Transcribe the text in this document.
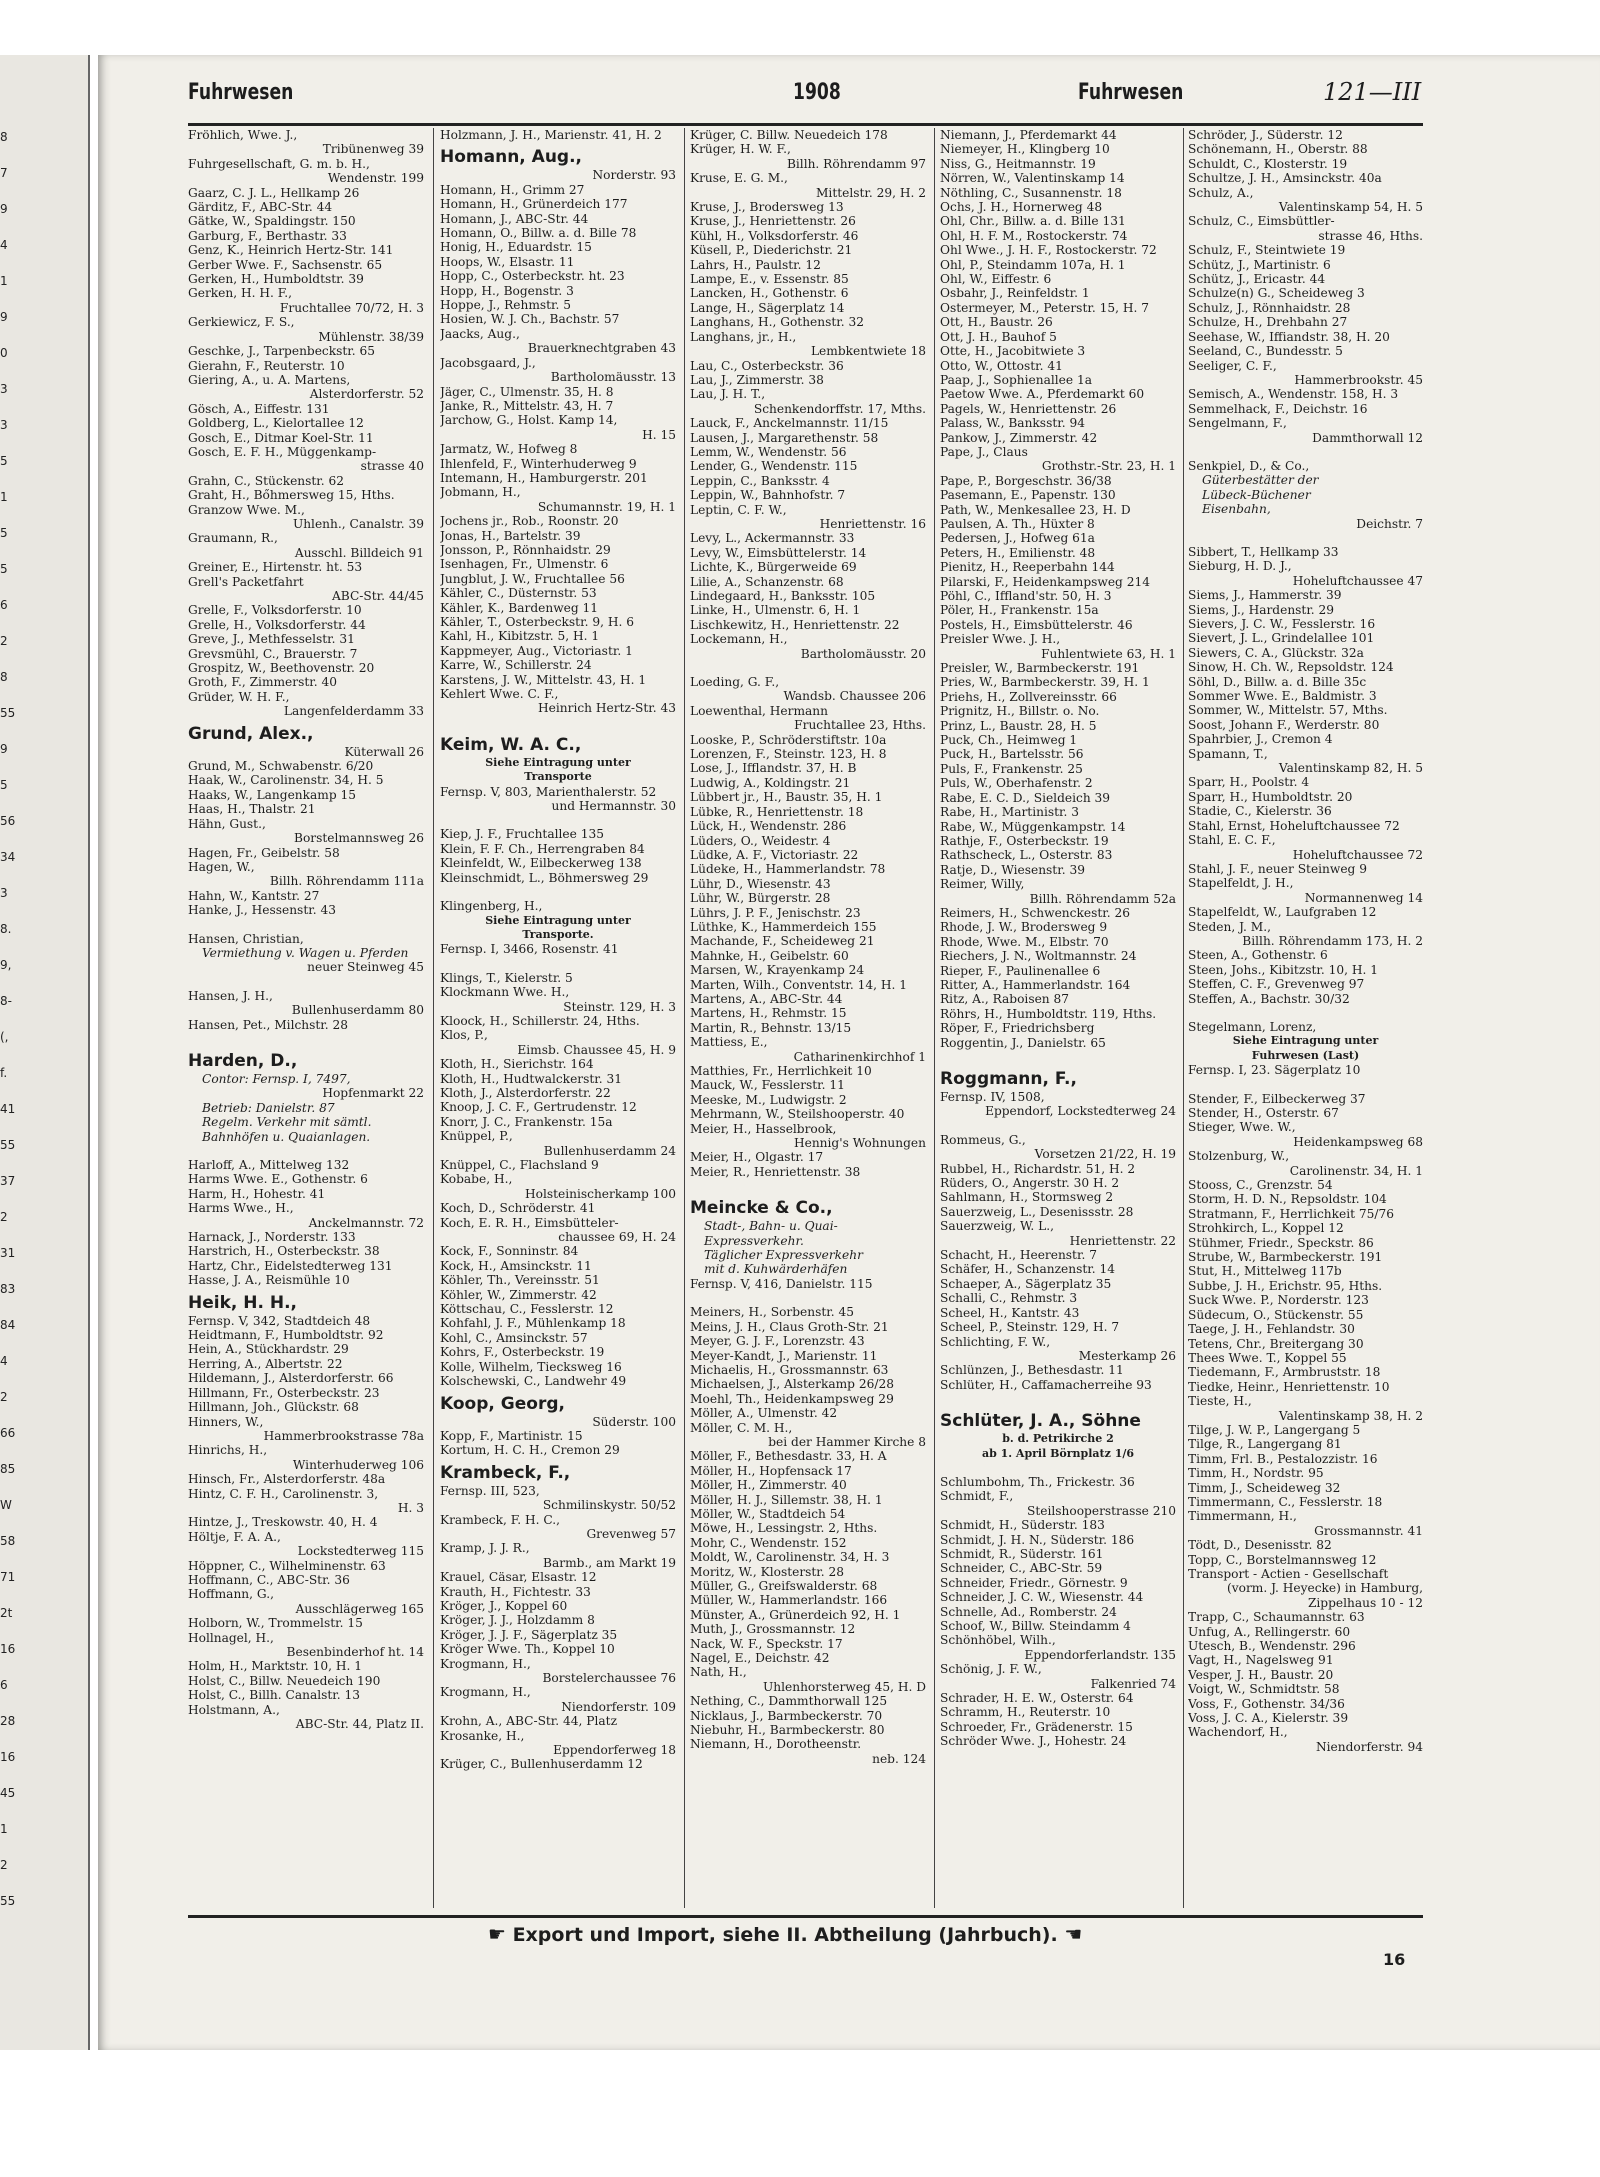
8
7
9
4
1
9
0
3
3
5
1
5
5
6
2
8
55
9
5
56
34
3
8.
9,
8-
(,
f.
41
55
37
2
31
83
84
4
2
66
85
W
58
71
2t
16
6
28
16
45
1
2
55
Fuhrwesen	1908	Fuhrwesen	121—III
Fröhlich, Wwe. J.,
Tribünenweg 39
Fuhrgesellschaft, G. m. b. H.,
Wendenstr. 199
Gaarz, C. J. L., Hellkamp 26
Gärditz, F., ABC-Str. 44
Gätke, W., Spaldingstr. 150
Garburg, F., Berthastr. 33
Genz, K., Heinrich Hertz-Str. 141
Gerber Wwe. F., Sachsenstr. 65
Gerken, H., Humboldtstr. 39
Gerken, H. H. F.,
Fruchtallee 70/72, H. 3
Gerkiewicz, F. S.,
Mühlenstr. 38/39
Geschke, J., Tarpenbeckstr. 65
Gierahn, F., Reuterstr. 10
Giering, A., u. A. Martens,
Alsterdorferstr. 52
Gösch, A., Eiffestr. 131
Goldberg, L., Kielortallee 12
Gosch, E., Ditmar Koel-Str. 11
Gosch, E. F. H., Müggenkamp-
strasse 40
Grahn, C., Stückenstr. 62
Graht, H., Bőhmersweg 15, Hths.
Granzow Wwe. M.,
Uhlenh., Canalstr. 39
Graumann, R.,
Ausschl. Billdeich 91
Greiner, E., Hirtenstr. ht. 53
Grell's Packetfahrt
ABC-Str. 44/45
Grelle, F., Volksdorferstr. 10
Grelle, H., Volksdorferstr. 44
Greve, J., Methfesselstr. 31
Grevsmühl, C., Brauerstr. 7
Grospitz, W., Beethovenstr. 20
Groth, F., Zimmerstr. 40
Grüder, W. H. F.,
Langenfelderdamm 33
Grund, Alex.,
Küterwall 26
Grund, M., Schwabenstr. 6/20
Haak, W., Carolinenstr. 34, H. 5
Haaks, W., Langenkamp 15
Haas, H., Thalstr. 21
Hähn, Gust.,
Borstelmannsweg 26
Hagen, Fr., Geibelstr. 58
Hagen, W.,
Billh. Röhrendamm 111a
Hahn, W., Kantstr. 27
Hanke, J., Hessenstr. 43
Hansen, Christian,
Vermiethung v. Wagen u. Pferden
neuer Steinweg 45
Hansen, J. H.,
Bullenhuserdamm 80
Hansen, Pet., Milchstr. 28
Harden, D.,
Contor: Fernsp. I, 7497,
Hopfenmarkt 22
Betrieb: Danielstr. 87
Regelm. Verkehr mit sämtl.
Bahnhöfen u. Quaianlagen.
Harloff, A., Mittelweg 132
Harms Wwe. E., Gothenstr. 6
Harm, H., Hohestr. 41
Harms Wwe., H.,
Anckelmannstr. 72
Harnack, J., Norderstr. 133
Harstrich, H., Osterbeckstr. 38
Hartz, Chr., Eidelstedterweg 131
Hasse, J. A., Reismühle 10
Heik, H. H.,
Fernsp. V, 342, Stadtdeich 48
Heidtmann, F., Humboldtstr. 92
Hein, A., Stückhardstr. 29
Herring, A., Albertstr. 22
Hildemann, J., Alsterdorferstr. 66
Hillmann, Fr., Osterbeckstr. 23
Hillmann, Joh., Glückstr. 68
Hinners, W.,
Hammerbrookstrasse 78a
Hinrichs, H.,
Winterhuderweg 106
Hinsch, Fr., Alsterdorferstr. 48a
Hintz, C. F. H., Carolinenstr. 3,
H. 3
Hintze, J., Treskowstr. 40, H. 4
Höltje, F. A. A.,
Lockstedterweg 115
Höppner, C., Wilhelminenstr. 63
Hoffmann, C., ABC-Str. 36
Hoffmann, G.,
Ausschlägerweg 165
Holborn, W., Trommelstr. 15
Hollnagel, H.,
Besenbinderhof ht. 14
Holm, H., Marktstr. 10, H. 1
Holst, C., Billw. Neuedeich 190
Holst, C., Billh. Canalstr. 13
Holstmann, A.,
ABC-Str. 44, Platz II.
Holzmann, J. H., Marienstr. 41, H. 2
Homann, Aug.,
Norderstr. 93
Homann, H., Grimm 27
Homann, H., Grünerdeich 177
Homann, J., ABC-Str. 44
Homann, O., Billw. a. d. Bille 78
Honig, H., Eduardstr. 15
Hoops, W., Elsastr. 11
Hopp, C., Osterbeckstr. ht. 23
Hopp, H., Bogenstr. 3
Hoppe, J., Rehmstr. 5
Hosien, W. J. Ch., Bachstr. 57
Jaacks, Aug.,
Brauerknechtgraben 43
Jacobsgaard, J.,
Bartholomäusstr. 13
Jäger, C., Ulmenstr. 35, H. 8
Janke, R., Mittelstr. 43, H. 7
Jarchow, G., Holst. Kamp 14,
H. 15
Jarmatz, W., Hofweg 8
Ihlenfeld, F., Winterhuderweg 9
Intemann, H., Hamburgerstr. 201
Jobmann, H.,
Schumannstr. 19, H. 1
Jochens jr., Rob., Roonstr. 20
Jonas, H., Bartelstr. 39
Jonsson, P., Rönnhaidstr. 29
Isenhagen, Fr., Ulmenstr. 6
Jungblut, J. W., Fruchtallee 56
Kähler, C., Düsternstr. 53
Kähler, K., Bardenweg 11
Kähler, T., Osterbeckstr. 9, H. 6
Kahl, H., Kibitzstr. 5, H. 1
Kappmeyer, Aug., Victoriastr. 1
Karre, W., Schillerstr. 24
Karstens, J. W., Mittelstr. 43, H. 1
Kehlert Wwe. C. F.,
Heinrich Hertz-Str. 43
Keim, W. A. C.,
Siehe Eintragung unter
Transporte
Fernsp. V, 803, Marienthalerstr. 52
und Hermannstr. 30
Kiep, J. F., Fruchtallee 135
Klein, F. F. Ch., Herrengraben 84
Kleinfeldt, W., Eilbeckerweg 138
Kleinschmidt, L., Böhmersweg 29
Klingenberg, H.,
Siehe Eintragung unter
Transporte.
Fernsp. I, 3466, Rosenstr. 41
Klings, T., Kielerstr. 5
Klockmann Wwe. H.,
Steinstr. 129, H. 3
Kloock, H., Schillerstr. 24, Hths.
Klos, P.,
Eimsb. Chaussee 45, H. 9
Kloth, H., Sierichstr. 164
Kloth, H., Hudtwalckerstr. 31
Kloth, J., Alsterdorferstr. 22
Knoop, J. C. F., Gertrudenstr. 12
Knorr, J. C., Frankenstr. 15a
Knüppel, P.,
Bullenhuserdamm 24
Knüppel, C., Flachsland 9
Kobabe, H.,
Holsteinischerkamp 100
Koch, D., Schröderstr. 41
Koch, E. R. H., Eimsbütteler-
chaussee 69, H. 24
Kock, F., Sonninstr. 84
Kock, H., Amsinckstr. 11
Köhler, Th., Vereinsstr. 51
Köhler, W., Zimmerstr. 42
Köttschau, C., Fesslerstr. 12
Kohfahl, J. F., Mühlenkamp 18
Kohl, C., Amsinckstr. 57
Kohrs, F., Osterbeckstr. 19
Kolle, Wilhelm, Tiecksweg 16
Kolschewski, C., Landwehr 49
Koop, Georg,
Süderstr. 100
Kopp, F., Martinistr. 15
Kortum, H. C. H., Cremon 29
Krambeck, F.,
Fernsp. III, 523,
Schmilinskystr. 50/52
Krambeck, F. H. C.,
Grevenweg 57
Kramp, J. J. R.,
Barmb., am Markt 19
Krauel, Cäsar, Elsastr. 12
Krauth, H., Fichtestr. 33
Kröger, J., Koppel 60
Kröger, J. J., Holzdamm 8
Kröger, J. J. F., Sägerplatz 35
Kröger Wwe. Th., Koppel 10
Krogmann, H.,
Borstelerchaussee 76
Krogmann, H.,
Niendorferstr. 109
Krohn, A., ABC-Str. 44, Platz
Krosanke, H.,
Eppendorferweg 18
Krüger, C., Bullenhuserdamm 12
Krüger, C. Billw. Neuedeich 178
Krüger, H. W. F.,
Billh. Röhrendamm 97
Kruse, E. G. M.,
Mittelstr. 29, H. 2
Kruse, J., Brodersweg 13
Kruse, J., Henriettenstr. 26
Kühl, H., Volksdorferstr. 46
Küsell, P., Diederichstr. 21
Lahrs, H., Paulstr. 12
Lampe, E., v. Essenstr. 85
Lancken, H., Gothenstr. 6
Lange, H., Sägerplatz 14
Langhans, H., Gothenstr. 32
Langhans, jr., H.,
Lembkentwiete 18
Lau, C., Osterbeckstr. 36
Lau, J., Zimmerstr. 38
Lau, J. H. T.,
Schenkendorffstr. 17, Mths.
Lauck, F., Anckelmannstr. 11/15
Lausen, J., Margarethenstr. 58
Lemm, W., Wendenstr. 56
Lender, G., Wendenstr. 115
Leppin, C., Banksstr. 4
Leppin, W., Bahnhofstr. 7
Leptin, C. F. W.,
Henriettenstr. 16
Levy, L., Ackermannstr. 33
Levy, W., Eimsbüttelerstr. 14
Lichte, K., Bürgerweide 69
Lilie, A., Schanzenstr. 68
Lindegaard, H., Banksstr. 105
Linke, H., Ulmenstr. 6, H. 1
Lischkewitz, H., Henriettenstr. 22
Lockemann, H.,
Bartholomäusstr. 20
Loeding, G. F.,
Wandsb. Chaussee 206
Loewenthal, Hermann
Fruchtallee 23, Hths.
Looske, P., Schröderstiftstr. 10a
Lorenzen, F., Steinstr. 123, H. 8
Lose, J., Ifflandstr. 37, H. B
Ludwig, A., Koldingstr. 21
Lübbert jr., H., Baustr. 35, H. 1
Lübke, R., Henriettenstr. 18
Lück, H., Wendenstr. 286
Lüders, O., Weidestr. 4
Lüdke, A. F., Victoriastr. 22
Lüdeke, H., Hammerlandstr. 78
Lühr, D., Wiesenstr. 43
Lühr, W., Bürgerstr. 28
Lührs, J. P. F., Jenischstr. 23
Lüthke, K., Hammerdeich 155
Machande, F., Scheideweg 21
Mahnke, H., Geibelstr. 60
Marsen, W., Krayenkamp 24
Marten, Wilh., Conventstr. 14, H. 1
Martens, A., ABC-Str. 44
Martens, H., Rehmstr. 15
Martin, R., Behnstr. 13/15
Mattiess, E.,
Catharinenkirchhof 1
Matthies, Fr., Herrlichkeit 10
Mauck, W., Fesslerstr. 11
Meeske, M., Ludwigstr. 2
Mehrmann, W., Steilshooperstr. 40
Meier, H., Hasselbrook,
Hennig's Wohnungen
Meier, H., Olgastr. 17
Meier, R., Henriettenstr. 38
Meincke & Co.,
Stadt-, Bahn- u. Quai-
Expressverkehr.
Täglicher Expressverkehr
mit d. Kuhwärderhäfen
Fernsp. V, 416, Danielstr. 115
Meiners, H., Sorbenstr. 45
Meins, J. H., Claus Groth-Str. 21
Meyer, G. J. F., Lorenzstr. 43
Meyer-Kandt, J., Marienstr. 11
Michaelis, H., Grossmannstr. 63
Michaelsen, J., Alsterkamp 26/28
Moehl, Th., Heidenkampsweg 29
Möller, A., Ulmenstr. 42
Möller, C. M. H.,
bei der Hammer Kirche 8
Möller, F., Bethesdastr. 33, H. A
Möller, H., Hopfensack 17
Möller, H., Zimmerstr. 40
Möller, H. J., Sillemstr. 38, H. 1
Möller, W., Stadtdeich 54
Möwe, H., Lessingstr. 2, Hths.
Mohr, C., Wendenstr. 152
Moldt, W., Carolinenstr. 34, H. 3
Moritz, W., Klosterstr. 28
Müller, G., Greifswalderstr. 68
Müller, W., Hammerlandstr. 166
Münster, A., Grünerdeich 92, H. 1
Muth, J., Grossmannstr. 12
Nack, W. F., Speckstr. 17
Nagel, E., Deichstr. 42
Nath, H.,
Uhlenhorsterweg 45, H. D
Nething, C., Dammthorwall 125
Nicklaus, J., Barmbeckerstr. 70
Niebuhr, H., Barmbeckerstr. 80
Niemann, H., Dorotheenstr.
neb. 124
Niemann, J., Pferdemarkt 44
Niemeyer, H., Klingberg 10
Niss, G., Heitmannstr. 19
Nörren, W., Valentinskamp 14
Nöthling, C., Susannenstr. 18
Ochs, J. H., Hornerweg 48
Ohl, Chr., Billw. a. d. Bille 131
Ohl, H. F. M., Rostockerstr. 74
Ohl Wwe., J. H. F., Rostockerstr. 72
Ohl, P., Steindamm 107a, H. 1
Ohl, W., Eiffestr. 6
Osbahr, J., Reinfeldstr. 1
Ostermeyer, M., Peterstr. 15, H. 7
Ott, H., Baustr. 26
Ott, J. H., Bauhof 5
Otte, H., Jacobitwiete 3
Otto, W., Ottostr. 41
Paap, J., Sophienallee 1a
Paetow Wwe. A., Pferdemarkt 60
Pagels, W., Henriettenstr. 26
Palass, W., Banksstr. 94
Pankow, J., Zimmerstr. 42
Pape, J., Claus
Grothstr.-Str. 23, H. 1
Pape, P., Borgeschstr. 36/38
Pasemann, E., Papenstr. 130
Path, W., Menkesallee 23, H. D
Paulsen, A. Th., Hüxter 8
Pedersen, J., Hofweg 61a
Peters, H., Emilienstr. 48
Pienitz, H., Reeperbahn 144
Pilarski, F., Heidenkampsweg 214
Pöhl, C., Iffland'str. 50, H. 3
Pöler, H., Frankenstr. 15a
Postels, H., Eimsbüttelerstr. 46
Preisler Wwe. J. H.,
Fuhlentwiete 63, H. 1
Preisler, W., Barmbeckerstr. 191
Pries, W., Barmbeckerstr. 39, H. 1
Priehs, H., Zollvereinsstr. 66
Prignitz, H., Billstr. o. No.
Prinz, L., Baustr. 28, H. 5
Puck, Ch., Heimweg 1
Puck, H., Bartelsstr. 56
Puls, F., Frankenstr. 25
Puls, W., Oberhafenstr. 2
Rabe, E. C. D., Sieldeich 39
Rabe, H., Martinistr. 3
Rabe, W., Müggenkampstr. 14
Rathje, F., Osterbeckstr. 19
Rathscheck, L., Osterstr. 83
Ratje, D., Wiesenstr. 39
Reimer, Willy,
Billh. Röhrendamm 52a
Reimers, H., Schwenckestr. 26
Rhode, J. W., Brodersweg 9
Rhode, Wwe. M., Elbstr. 70
Riechers, J. N., Woltmannstr. 24
Rieper, F., Paulinenallee 6
Ritter, A., Hammerlandstr. 164
Ritz, A., Raboisen 87
Röhrs, H., Humboldtstr. 119, Hths.
Röper, F., Friedrichsberg
Roggentin, J., Danielstr. 65
Roggmann, F.,
Fernsp. IV, 1508,
Eppendorf, Lockstedterweg 24
Rommeus, G.,
Vorsetzen 21/22, H. 19
Rubbel, H., Richardstr. 51, H. 2
Rüders, O., Angerstr. 30 H. 2
Sahlmann, H., Stormsweg 2
Sauerzweig, L., Desenissstr. 28
Sauerzweig, W. L.,
Henriettenstr. 22
Schacht, H., Heerenstr. 7
Schäfer, H., Schanzenstr. 14
Schaeper, A., Sägerplatz 35
Schalli, C., Rehmstr. 3
Scheel, H., Kantstr. 43
Scheel, P., Steinstr. 129, H. 7
Schlichting, F. W.,
Mesterkamp 26
Schlünzen, J., Bethesdastr. 11
Schlüter, H., Caffamacherreihe 93
Schlüter, J. A., Söhne
b. d. Petrikirche 2
ab 1. April Börnplatz 1/6
Schlumbohm, Th., Frickestr. 36
Schmidt, F.,
Steilshooperstrasse 210
Schmidt, H., Süderstr. 183
Schmidt, J. H. N., Süderstr. 186
Schmidt, R., Süderstr. 161
Schneider, C., ABC-Str. 59
Schneider, Friedr., Görnestr. 9
Schneider, J. C. W., Wiesenstr. 44
Schnelle, Ad., Romberstr. 24
Schoof, W., Billw. Steindamm 4
Schönhöbel, Wilh.,
Eppendorferlandstr. 135
Schönig, J. F. W.,
Falkenried 74
Schrader, H. E. W., Osterstr. 64
Schramm, H., Reuterstr. 10
Schroeder, Fr., Grädenerstr. 15
Schröder Wwe. J., Hohestr. 24
Schröder, J., Süderstr. 12
Schönemann, H., Oberstr. 88
Schuldt, C., Klosterstr. 19
Schultze, J. H., Amsinckstr. 40a
Schulz, A.,
Valentinskamp 54, H. 5
Schulz, C., Eimsbüttler-
strasse 46, Hths.
Schulz, F., Steintwiete 19
Schütz, J., Martinistr. 6
Schütz, J., Ericastr. 44
Schulze(n) G., Scheideweg 3
Schulz, J., Rönnhaidstr. 28
Schulze, H., Drehbahn 27
Seehase, W., Iffiandstr. 38, H. 20
Seeland, C., Bundesstr. 5
Seeliger, C. F.,
Hammerbrookstr. 45
Semisch, A., Wendenstr. 158, H. 3
Semmelhack, F., Deichstr. 16
Sengelmann, F.,
Dammthorwall 12
Senkpiel, D., & Co.,
Güterbestätter der
Lübeck-Büchener
Eisenbahn,
Deichstr. 7
Sibbert, T., Hellkamp 33
Sieburg, H. D. J.,
Hoheluftchaussee 47
Siems, J., Hammerstr. 39
Siems, J., Hardenstr. 29
Sievers, J. C. W., Fesslerstr. 16
Sievert, J. L., Grindelallee 101
Siewers, C. A., Glückstr. 32a
Sinow, H. Ch. W., Repsoldstr. 124
Söhl, D., Billw. a. d. Bille 35c
Sommer Wwe. E., Baldmistr. 3
Sommer, W., Mittelstr. 57, Mths.
Soost, Johann F., Werderstr. 80
Spahrbier, J., Cremon 4
Spamann, T.,
Valentinskamp 82, H. 5
Sparr, H., Poolstr. 4
Sparr, H., Humboldtstr. 20
Stadie, C., Kielerstr. 36
Stahl, Ernst, Hoheluftchaussee 72
Stahl, E. C. F.,
Hoheluftchaussee 72
Stahl, J. F., neuer Steinweg 9
Stapelfeldt, J. H.,
Normannenweg 14
Stapelfeldt, W., Laufgraben 12
Steden, J. M.,
Billh. Röhrendamm 173, H. 2
Steen, A., Gothenstr. 6
Steen, Johs., Kibitzstr. 10, H. 1
Steffen, C. F., Grevenweg 97
Steffen, A., Bachstr. 30/32
Stegelmann, Lorenz,
Siehe Eintragung unter
Fuhrwesen (Last)
Fernsp. I, 23. Sägerplatz 10
Stender, F., Eilbeckerweg 37
Stender, H., Osterstr. 67
Stieger, Wwe. W.,
Heidenkampsweg 68
Stolzenburg, W.,
Carolinenstr. 34, H. 1
Stooss, C., Grenzstr. 54
Storm, H. D. N., Repsoldstr. 104
Stratmann, F., Herrlichkeit 75/76
Strohkirch, L., Koppel 12
Stühmer, Friedr., Speckstr. 86
Strube, W., Barmbeckerstr. 191
Stut, H., Mittelweg 117b
Subbe, J. H., Erichstr. 95, Hths.
Suck Wwe. P., Norderstr. 123
Südecum, O., Stückenstr. 55
Taege, J. H., Fehlandstr. 30
Tetens, Chr., Breitergang 30
Thees Wwe. T., Koppel 55
Tiedemann, F., Armbruststr. 18
Tiedke, Heinr., Henriettenstr. 10
Tieste, H.,
Valentinskamp 38, H. 2
Tilge, J. W. P., Langergang 5
Tilge, R., Langergang 81
Timm, Frl. B., Pestalozzistr. 16
Timm, H., Nordstr. 95
Timm, J., Scheideweg 32
Timmermann, C., Fesslerstr. 18
Timmermann, H.,
Grossmannstr. 41
Tödt, D., Desenisstr. 82
Topp, C., Borstelmannsweg 12
Transport - Actien - Gesellschaft
(vorm. J. Heyecke) in Hamburg,
Zippelhaus 10 - 12
Trapp, C., Schaumannstr. 63
Unfug, A., Rellingerstr. 60
Utesch, B., Wendenstr. 296
Vagt, H., Nagelsweg 91
Vesper, J. H., Baustr. 20
Voigt, W., Schmidtstr. 58
Voss, F., Gothenstr. 34/36
Voss, J. C. A., Kielerstr. 39
Wachendorf, H.,
Niendorferstr. 94
☛ Export und Import, siehe II. Abtheilung (Jahrbuch). ☚
16
